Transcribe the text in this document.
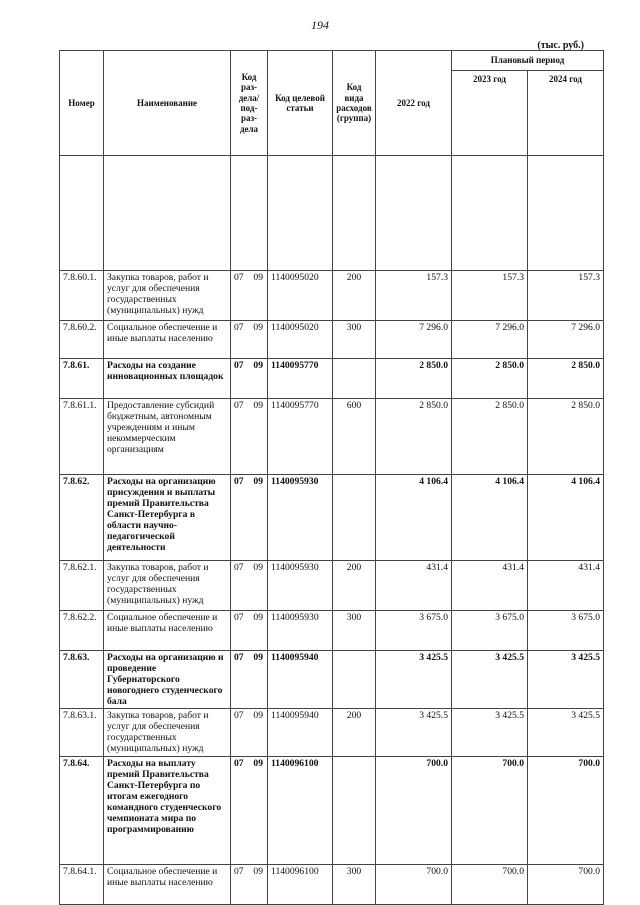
194
(тыс. руб.)
Номер	Наименование	Код раз-дела/ под-раз-дела	Код целевой статьи	Код вида расходов (группа)	2022 год	Плановый период	
						2023 год	2024 год

7.8.60.1.	Закупка товаров, работ и услуг для обеспечения государственных (муниципальных) нужд	07 09	1140095020	200	157.3	157.3	157.3
7.8.60.2.	Социальное обеспечение и иные выплаты населению	07 09	1140095020	300	7 296.0	7 296.0	7 296.0
7.8.61.	Расходы на создание инновационных площадок	07 09	1140095770		2 850.0	2 850.0	2 850.0
7.8.61.1.	Предоставление субсидий бюджетным, автономным учреждениям и иным некоммерческим организациям	07 09	1140095770	600	2 850.0	2 850.0	2 850.0
7.8.62.	Расходы на организацию присуждения и выплаты премий Правительства Санкт-Петербурга в области научно-педагогической деятельности	07 09	1140095930		4 106.4	4 106.4	4 106.4
7.8.62.1.	Закупка товаров, работ и услуг для обеспечения государственных (муниципальных) нужд	07 09	1140095930	200	431.4	431.4	431.4
7.8.62.2.	Социальное обеспечение и иные выплаты населению	07 09	1140095930	300	3 675.0	3 675.0	3 675.0
7.8.63.	Расходы на организацию и проведение Губернаторского новогоднего студенческого бала	07 09	1140095940		3 425.5	3 425.5	3 425.5
7.8.63.1.	Закупка товаров, работ и услуг для обеспечения государственных (муниципальных) нужд	07 09	1140095940	200	3 425.5	3 425.5	3 425.5
7.8.64.	Расходы на выплату премий Правительства Санкт-Петербурга по итогам ежегодного командного студенческого чемпионата мира по программированию	07 09	1140096100		700.0	700.0	700.0
7.8.64.1.	Социальное обеспечение и иные выплаты населению	07 09	1140096100	300	700.0	700.0	700.0
